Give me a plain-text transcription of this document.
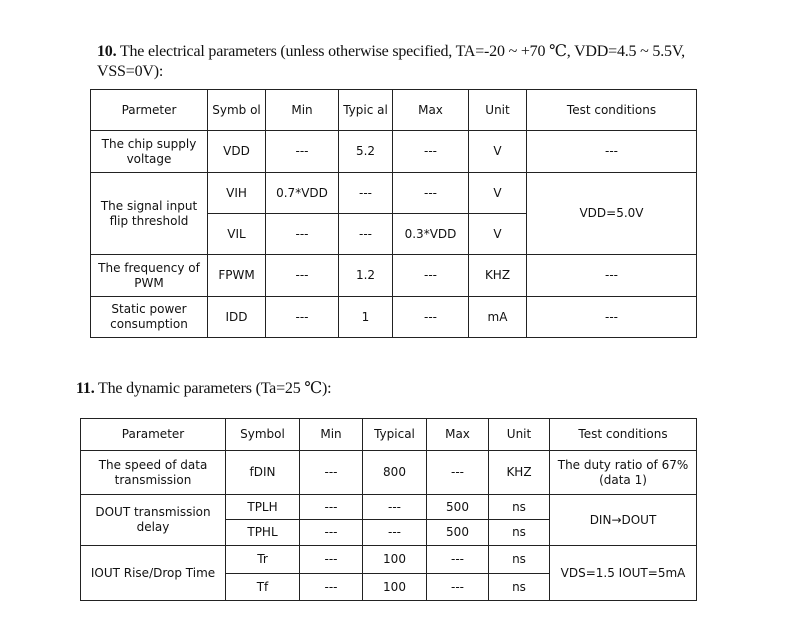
10. The electrical parameters (unless otherwise specified, TA=-20 ~ +70 ℃, VDD=4.5 ~ 5.5V, VSS=0V):
Parmeter	Symb ol	Min	Typic al	Max	Unit	Test conditions
The chip supply voltage	VDD	---	5.2	---	V	---
The signal input flip threshold	VIH	0.7*VDD	---	---	V	VDD=5.0V
	VIL	---	---	0.3*VDD	V	
The frequency of PWM	FPWM	---	1.2	---	KHZ	---
Static power consumption	IDD	---	1	---	mA	---
11. The dynamic parameters (Ta=25 ℃):
Parameter	Symbol	Min	Typical	Max	Unit	Test conditions
The speed of data transmission	fDIN	---	800	---	KHZ	The duty ratio of 67% (data 1)
DOUT transmission delay	TPLH	---	---	500	ns	DIN→DOUT
	TPHL	---	---	500	ns	
IOUT Rise/Drop Time	Tr	---	100	---	ns	VDS=1.5 IOUT=5mA
	Tf	---	100	---	ns	
